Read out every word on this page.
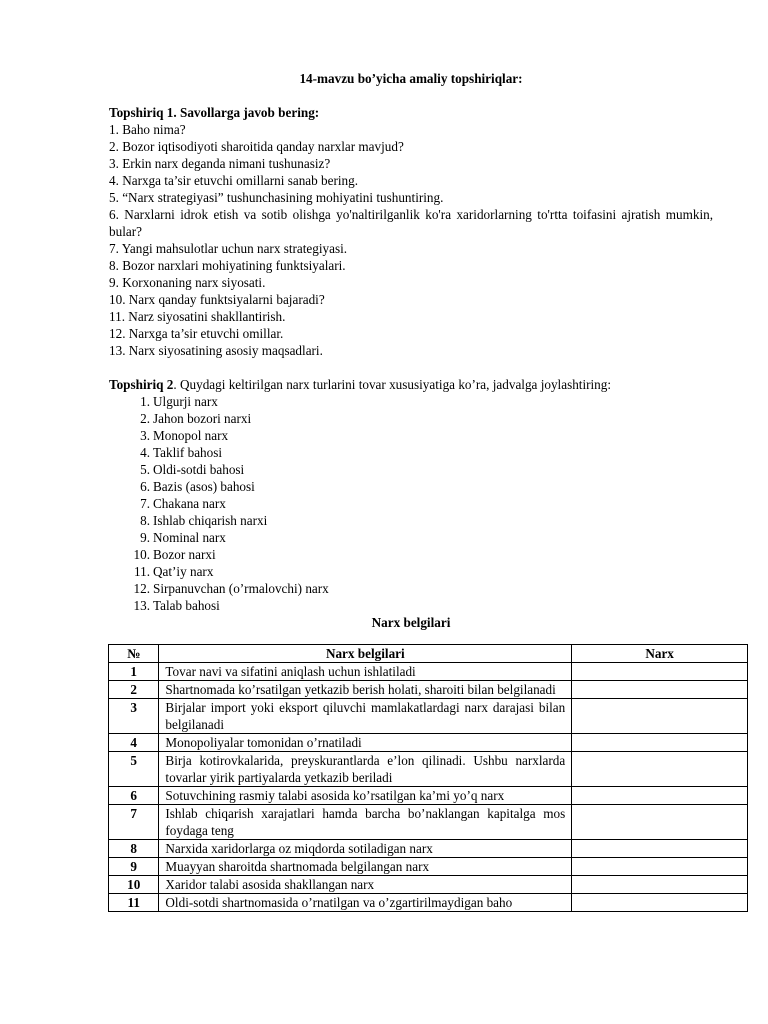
14-mavzu bo’yicha amaliy topshiriqlar:

Topshiriq 1. Savollarga javob bering:

1. Baho nima?
2. Bozor iqtisodiyoti sharoitida qanday narxlar mavjud?
3. Erkin narx deganda nimani tushunasiz?
4. Narxga ta’sir etuvchi omillarni sanab bering.
5. “Narx strategiyasi” tushunchasining mohiyatini tushuntiring.
6. Narxlarni idrok etish va sotib olishga yo'naltirilganlik ko'ra xaridorlarning to'rtta toifasini ajratish mumkin, bular?
7. Yangi mahsulotlar uchun narx strategiyasi.
8. Bozor narxlari mohiyatining funktsiyalari.
9. Korxonaning narx siyosati.
10. Narx qanday funktsiyalarni bajaradi?
11. Narz siyosatini shakllantirish.
12. Narxga ta’sir etuvchi omillar.
13. Narx siyosatining asosiy maqsadlari.

Topshiriq 2. Quydagi keltirilgan narx turlarini tovar xususiyatiga ko’ra, jadvalga joylashtiring:

1. Ulgurji narx
2. Jahon bozori narxi
3. Monopol narx
4. Taklif bahosi
5. Oldi-sotdi bahosi
6. Bazis (asos) bahosi
7. Chakana narx
8. Ishlab chiqarish narxi
9. Nominal narx
10. Bozor narxi
11. Qat’iy narx
12. Sirpanuvchan (o’rmalovchi) narx
13. Talab bahosi

Narx belgilari

№	Narx belgilari	Narx
1	Tovar navi va sifatini aniqlash uchun ishlatiladi	
2	Shartnomada ko’rsatilgan yetkazib berish holati, sharoiti bilan belgilanadi	
3	Birjalar import yoki eksport qiluvchi mamlakatlardagi narx darajasi bilan belgilanadi	
4	Monopoliyalar tomonidan o’rnatiladi	
5	Birja kotirovkalarida, preyskurantlarda e’lon qilinadi. Ushbu narxlarda tovarlar yirik partiyalarda yetkazib beriladi	
6	Sotuvchining rasmiy talabi asosida ko’rsatilgan ka’mi yo’q narx	
7	Ishlab chiqarish xarajatlari hamda barcha bo’naklangan kapitalga mos foydaga teng	
8	Narxida xaridorlarga oz miqdorda sotiladigan narx	
9	Muayyan sharoitda shartnomada belgilangan narx	
10	Xaridor talabi asosida shakllangan narx	
11	Oldi-sotdi shartnomasida o’rnatilgan va o’zgartirilmaydigan baho	
